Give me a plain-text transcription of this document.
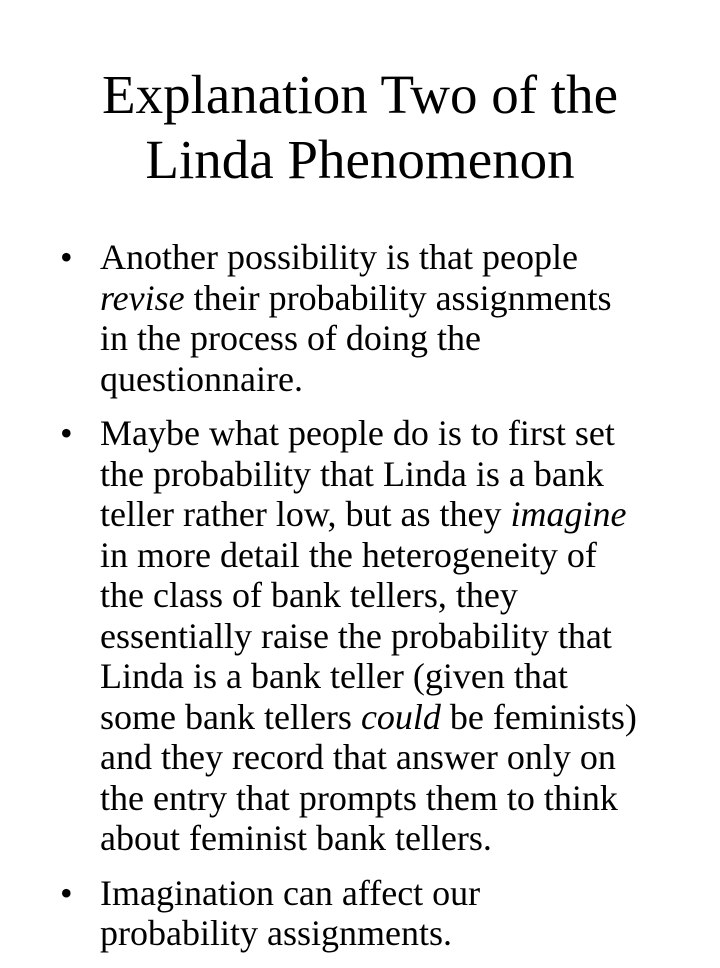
Explanation Two of the
Linda Phenomenon
• Another possibility is that people
revise their probability assignments
in the process of doing the
questionnaire.
• Maybe what people do is to first set
the probability that Linda is a bank
teller rather low, but as they imagine
in more detail the heterogeneity of
the class of bank tellers, they
essentially raise the probability that
Linda is a bank teller (given that
some bank tellers could be feminists)
and they record that answer only on
the entry that prompts them to think
about feminist bank tellers.
• Imagination can affect our
probability assignments.
